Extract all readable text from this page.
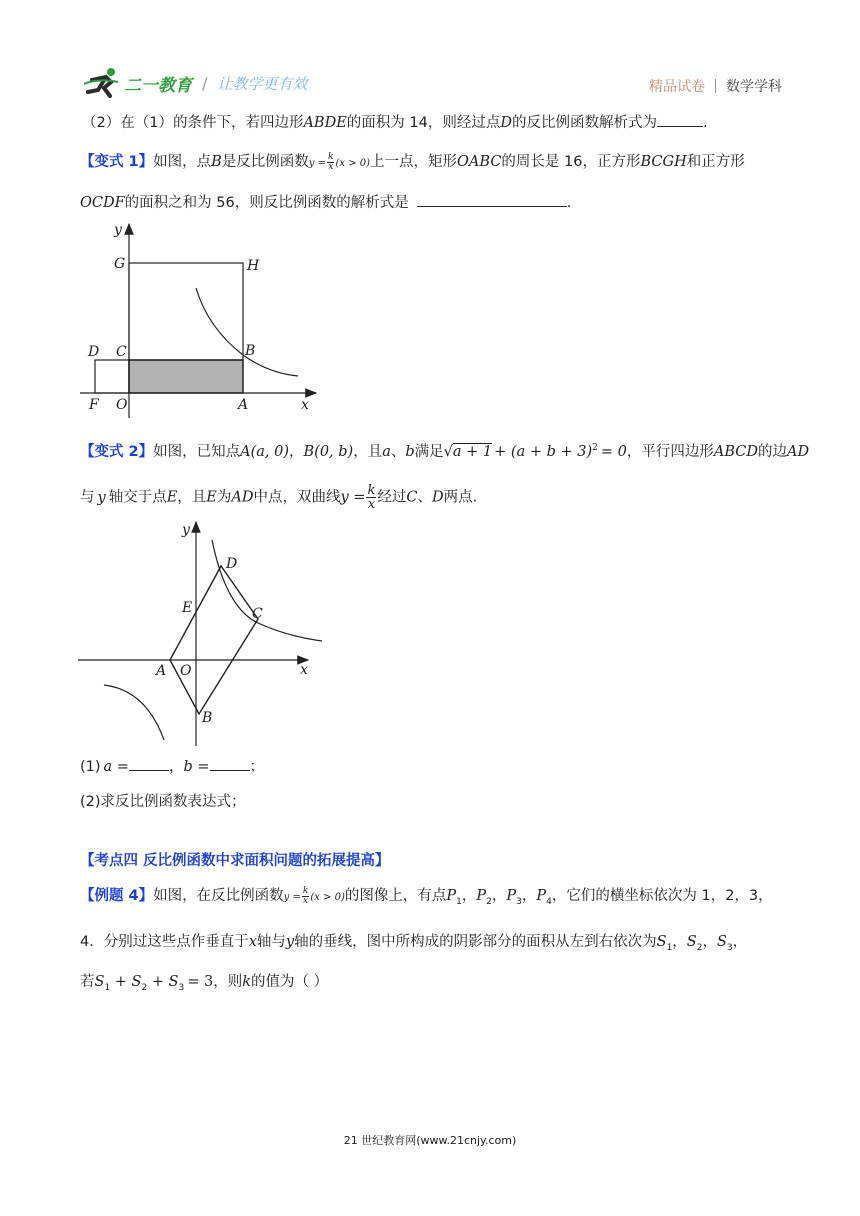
二一教育 / 让教学更有效	精品试卷 数学学科
（2）在（1）的条件下，若四边形ABDE的面积为 14，则经过点D的反比例函数解析式为	.
【变式 1】如图，点B是反比例函数$y = \frac{k}{x} (x > 0)$上一点，矩形OABC的周长是 16，正方形BCGH和正方形
OCDF的面积之和为 56，则反比例函数的解析式是	.
y
G	H
D C	B
F O	A	x
【变式 2】如图，已知点A(a, 0)，B(0, b)，且a、b满足$√a + 1 + (a + b + 3)^2 = 0$，平行四边形ABCD的边AD
与 y 轴交于点E，且E为AD中点，双曲线$y = \frac{k}{x}$ 经过C、D两点.
y
D
E	C
A O	x
B
(1) a =	，b =	；
(2)求反比例函数表达式；
【考点四 反比例函数中求面积问题的拓展提高】
【例题 4】如图，在反比例函数$y = \frac{k}{x} (x > 0)$的图像上，有点$P_1$，$P_2$，$P_3$，$P_4$，它们的横坐标依次为 1，2，3，
4．分别过这些点作垂直于x轴与y轴的垂线，图中所构成的阴影部分的面积从左到右依次为$S_1$，$S_2$，$S_3$，
若$S_1 + S_2 + S_3 = 3$，则k的值为（ ）
21 世纪教育网(www.21cnjy.com)
